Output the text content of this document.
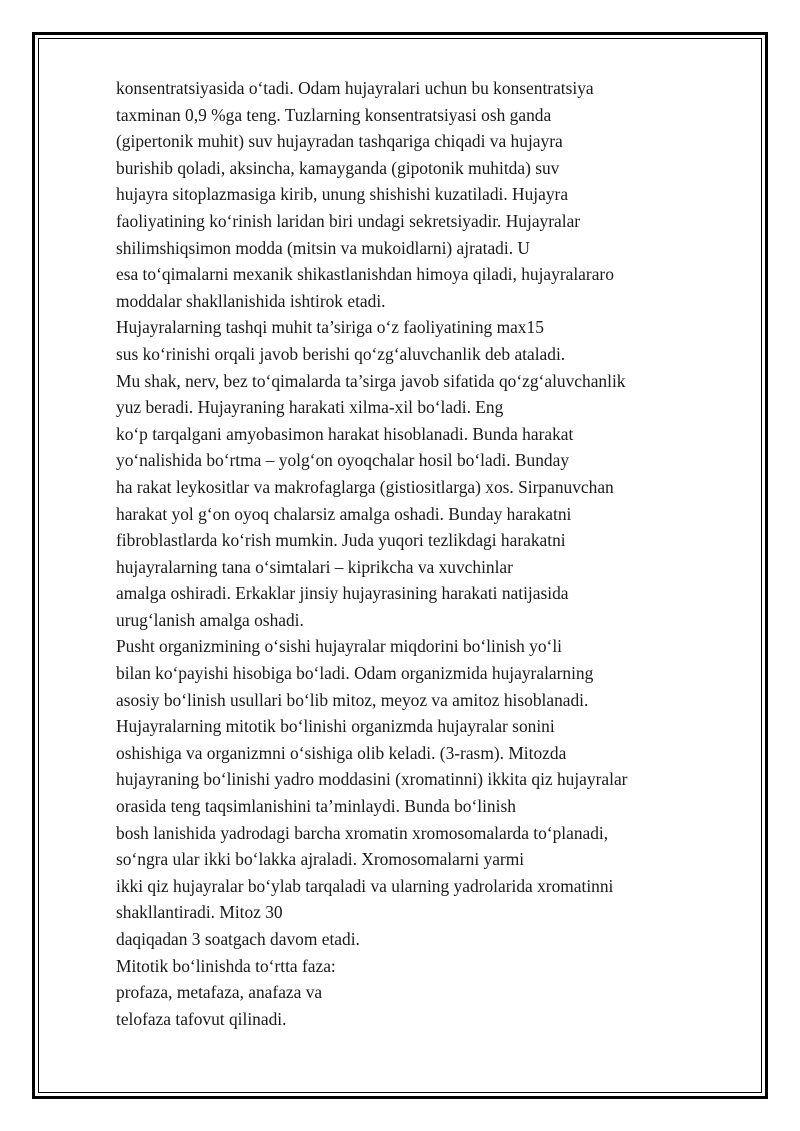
konsentratsiyasida o‘tadi. Odam hujayralari uchun bu konsentratsiya
taxminan 0,9 %ga teng. Tuzlarning konsentratsiyasi osh ganda
(gipertonik muhit) suv hujayradan tashqariga chiqadi va hujayra
burishib qoladi, aksincha, kamayganda (gipotonik muhitda) suv
hujayra sitoplazmasiga kirib, unung shishishi kuzatiladi. Hujayra
faoliyatining ko‘rinish laridan biri undagi sekretsiyadir. Hujayralar
shilimshiqsimon modda (mitsin va mukoidlarni) ajratadi. U
esa to‘qimalarni mexanik shikastlanishdan himoya qiladi, hujayralararo
moddalar shakllanishida ishtirok etadi.
Hujayralarning tashqi muhit ta’siriga o‘z faoliyatining max15
sus ko‘rinishi orqali javob berishi qo‘zg‘aluvchanlik deb ataladi.
Mu shak, nerv, bez to‘qimalarda ta’sirga javob sifatida qo‘zg‘aluvchanlik
yuz beradi. Hujayraning harakati xilma-xil bo‘ladi. Eng
ko‘p tarqalgani amyobasimon harakat hisoblanadi. Bunda harakat
yo‘nalishida bo‘rtma – yolg‘on oyoqchalar hosil bo‘ladi. Bunday
ha rakat leykositlar va makrofaglarga (gistiositlarga) xos. Sirpanuvchan
harakat yol g‘on oyoq chalarsiz amalga oshadi. Bunday harakatni
fibroblastlarda ko‘rish mumkin. Juda yuqori tezlikdagi harakatni
hujayralarning tana o‘simtalari – kiprikcha va xuvchinlar
amalga oshiradi. Erkaklar jinsiy hujayrasining harakati natijasida
urug‘lanish amalga oshadi.
Pusht organizmining o‘sishi hujayralar miqdorini bo‘linish yo‘li
bilan ko‘payishi hisobiga bo‘ladi. Odam organizmida hujayralarning
asosiy bo‘linish usullari bo‘lib mitoz, meyoz va amitoz hisoblanadi.
Hujayralarning mitotik bo‘linishi organizmda hujayralar sonini
oshishiga va organizmni o‘sishiga olib keladi. (3-rasm). Mitozda
hujayraning bo‘linishi yadro moddasini (xromatinni) ikkita qiz hujayralar
orasida teng taqsimlanishini ta’minlaydi. Bunda bo‘linish
bosh lanishida yadrodagi barcha xromatin xromosomalarda to‘planadi,
so‘ngra ular ikki bo‘lakka ajraladi. Xromosomalarni yarmi
ikki qiz hujayralar bo‘ylab tarqaladi va ularning yadrolarida xromatinni
shakllantiradi. Mitoz 30
daqiqadan 3 soatgach davom etadi.
Mitotik bo‘linishda to‘rtta faza:
profaza, metafaza, anafaza va
telofaza tafovut qilinadi.
